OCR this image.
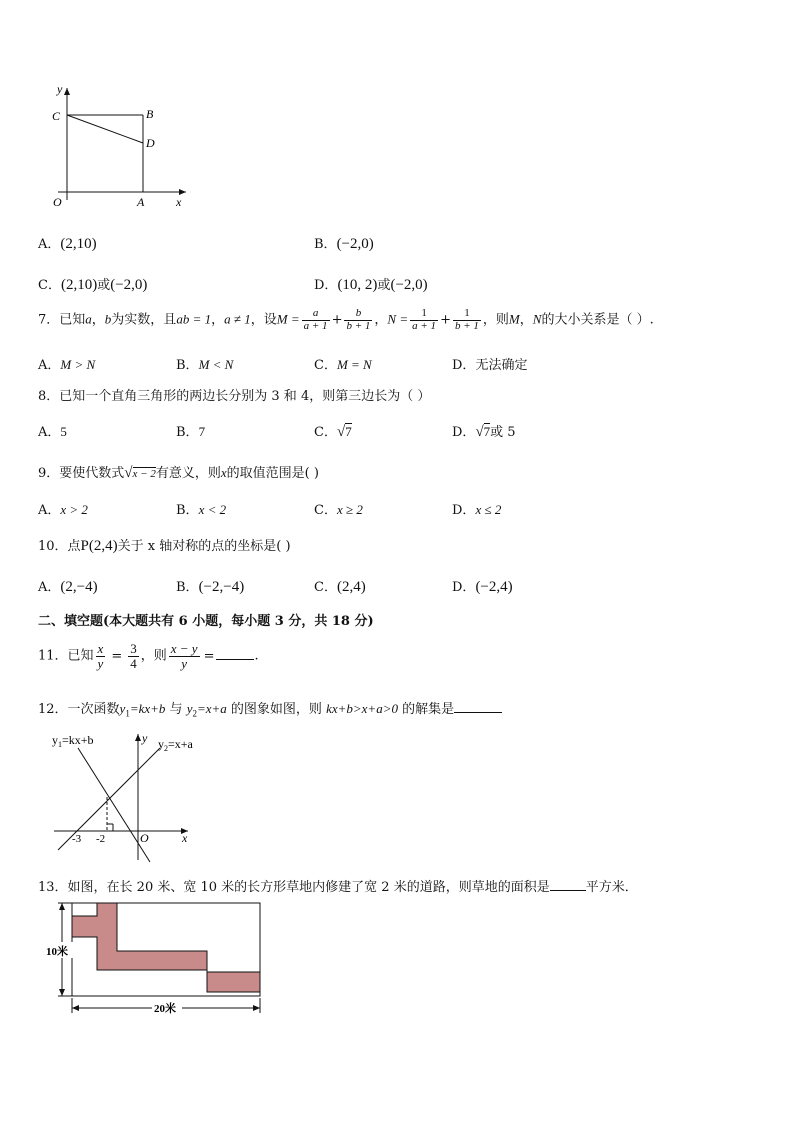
y
C	B
D
O	A	x
A．(2,10)	B．(−2,0)
C．(2,10)或(−2,0)	D．(10, 2)或(−2,0)
7．已知a，b为实数，且ab = 1，a ≠ 1，设$M = \frac{a}{a + 1} + \frac{b}{b + 1}$ ，$N = \frac{1}{a + 1} + \frac{1}{b + 1}$ ，则M，N的大小关系是（ ）.
A．M > N	B．M < N	C．M = N	D．无法确定
8．已知一个直角三角形的两边长分别为 3 和 4，则第三边长为（ ）
A．5	B．7	C．√7	D．√7或 5
9．要使代数式√x − 2有意义，则x的取值范围是( )
A．x > 2	B．x < 2	C．x ≥ 2	D．x ≤ 2
10．点P(2,4)关于 x 轴对称的点的坐标是( )
A．(2,−4)	B．(−2,−4)	C．(2,4)	D．(−2,4)
二、填空题(本大题共有 6 小题，每小题 3 分，共 18 分)
11．已知 $\frac{x}{y} = \frac{3}{4}$ ，则 $\frac{x - y}{y}$ =	.
12．一次函数$y_1=kx+b$ 与 $y_2=x+a$ 的图象如图，则 kx+b>x+a>0 的解集是
$y_1=kx+b$	$y_2=x+a$
y
x
O
-3 -2
13．如图，在长 20 米、宽 10 米的长方形草地内修建了宽 2 米的道路，则草地的面积是	平方米．
10米
20米
